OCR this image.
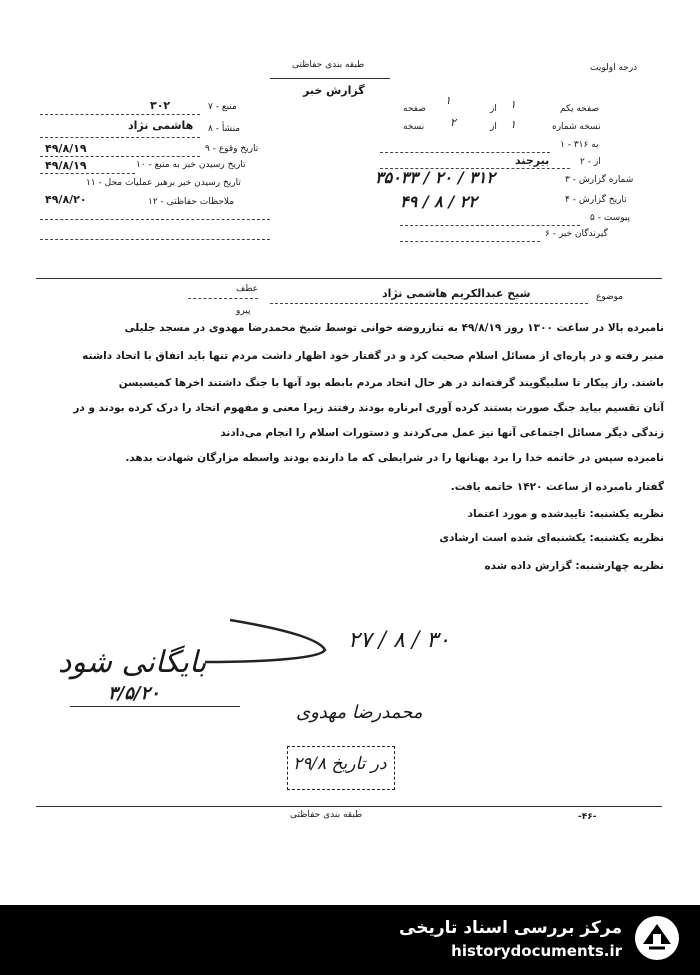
طبقه بندی حفاظتی
گزارش خبر
درجه اولویت
۷ - منبع
۳۰۲
۸ - منشأ
هاشمی نژاد
۹ - تاریخ وقوع
۴۹/۸/۱۹
۱۰ - تاریخ رسیدن خبر به منبع
۴۹/۸/۱۹
۱۱ - تاریخ رسیدن خبر برهبر عملیات محل
۴۹/۸/۲۰	۱۲ - ملاحظات حفاظتی
صفحه یکم
۱
از
۱
صفحه
نسخه شماره
۱
از
۲
نسخه
۱ - به ۳۱۶
۲ - از
بیرجند
۳ - شماره گزارش
۳۵۰۳۳ / ۲۰ / ۳۱۲
۴ - تاریخ گزارش
۴۹ / ۸ / ۲۲
۵ - پیوست
۶ - گیرندگان خبر
عطف
پیرو
موضوع
شیخ عبدالکریم هاشمی نژاد
نامبرده بالا در ساعت ۱۳۰۰ روز ۴۹/۸/۱۹ به تنازروضه خوانی توسط شیخ محمدرضا مهدوی در مسجد جلیلی
منبر رفته و در پاره‌ای از مسائل اسلام صحبت کرد و در گفتار خود اظهار داشت مردم تنها باید اتفاق با اتحاد داشته
باشند. راز پیکار تا سلبیگویند گرفته‌اند در هر حال اتحاد مردم بابطه بود آنها با جنگ داشتند اخرها کمیسیسن
آنان تقسیم بیاید جنگ صورت بستند کرده آوری ابرناره بودند رفتند زیرا معنی و مفهوم اتحاد را درک کرده بودند و در
زندگی دیگر مسائل اجتماعی آنها نیز عمل می‌کردند و دستورات اسلام را انجام می‌دادند
نامبرده سپس در خاتمه خدا را برد بهنانها را در شرایطی که ما دارنده بودند واسطه مزارگان شهادت بدهد.
گفتار نامبرده از ساعت ۱۴۲۰ خاتمه یافت.
نظریه یکشنبه: تاییدشده و مورد اعتماد
نظریه یکشنبه: یکشنبه‌ای شده است ارشادی
نظریه چهارشنبه: گزارش داده شده
۲۷ / ۸ / ۳۰
بایگانی شود
۳/۵/۲۰
محمدرضا مهدوی
در تاریخ ۲۹/۸
طبقه بندی حفاظتی	-۴۶-
مرکز بررسی اسناد تاریخی
historydocuments.ir
